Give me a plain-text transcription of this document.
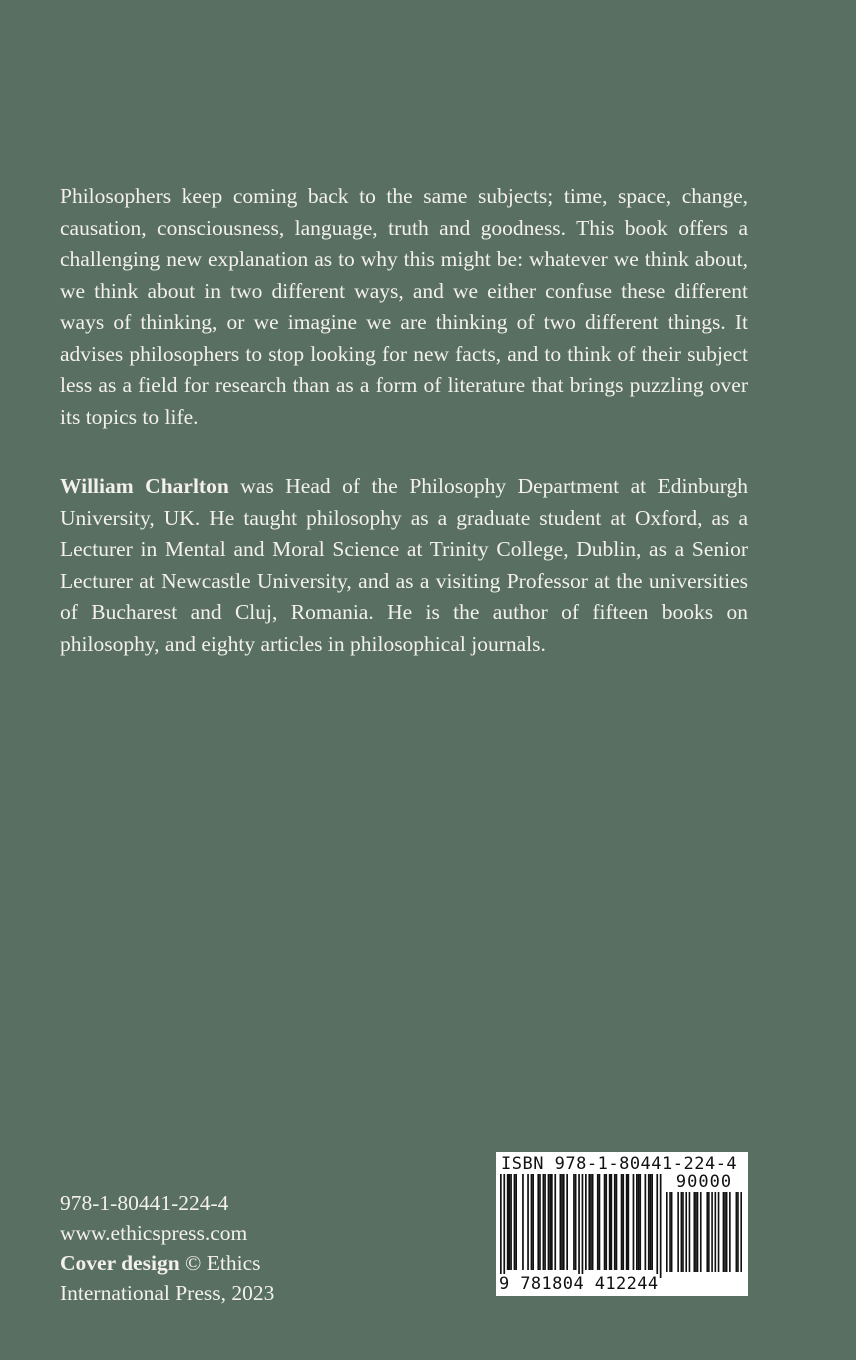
Philosophers keep coming back to the same subjects; time, space, change, causation, consciousness, language, truth and goodness. This book offers a challenging new explanation as to why this might be: whatever we think about, we think about in two different ways, and we either confuse these different ways of thinking, or we imagine we are thinking of two different things. It advises philosophers to stop looking for new facts, and to think of their subject less as a field for research than as a form of literature that brings puzzling over its topics to life.

William Charlton was Head of the Philosophy Department at Edinburgh University, UK. He taught philosophy as a graduate student at Oxford, as a Lecturer in Mental and Moral Science at Trinity College, Dublin, as a Senior Lecturer at Newcastle University, and as a visiting Professor at the universities of Bucharest and Cluj, Romania. He is the author of fifteen books on philosophy, and eighty articles in philosophical journals.

978-1-80441-224-4
www.ethicspress.com
Cover design © Ethics
International Press, 2023
ISBN 978-1-80441-224-4
90000
9 781804 412244
